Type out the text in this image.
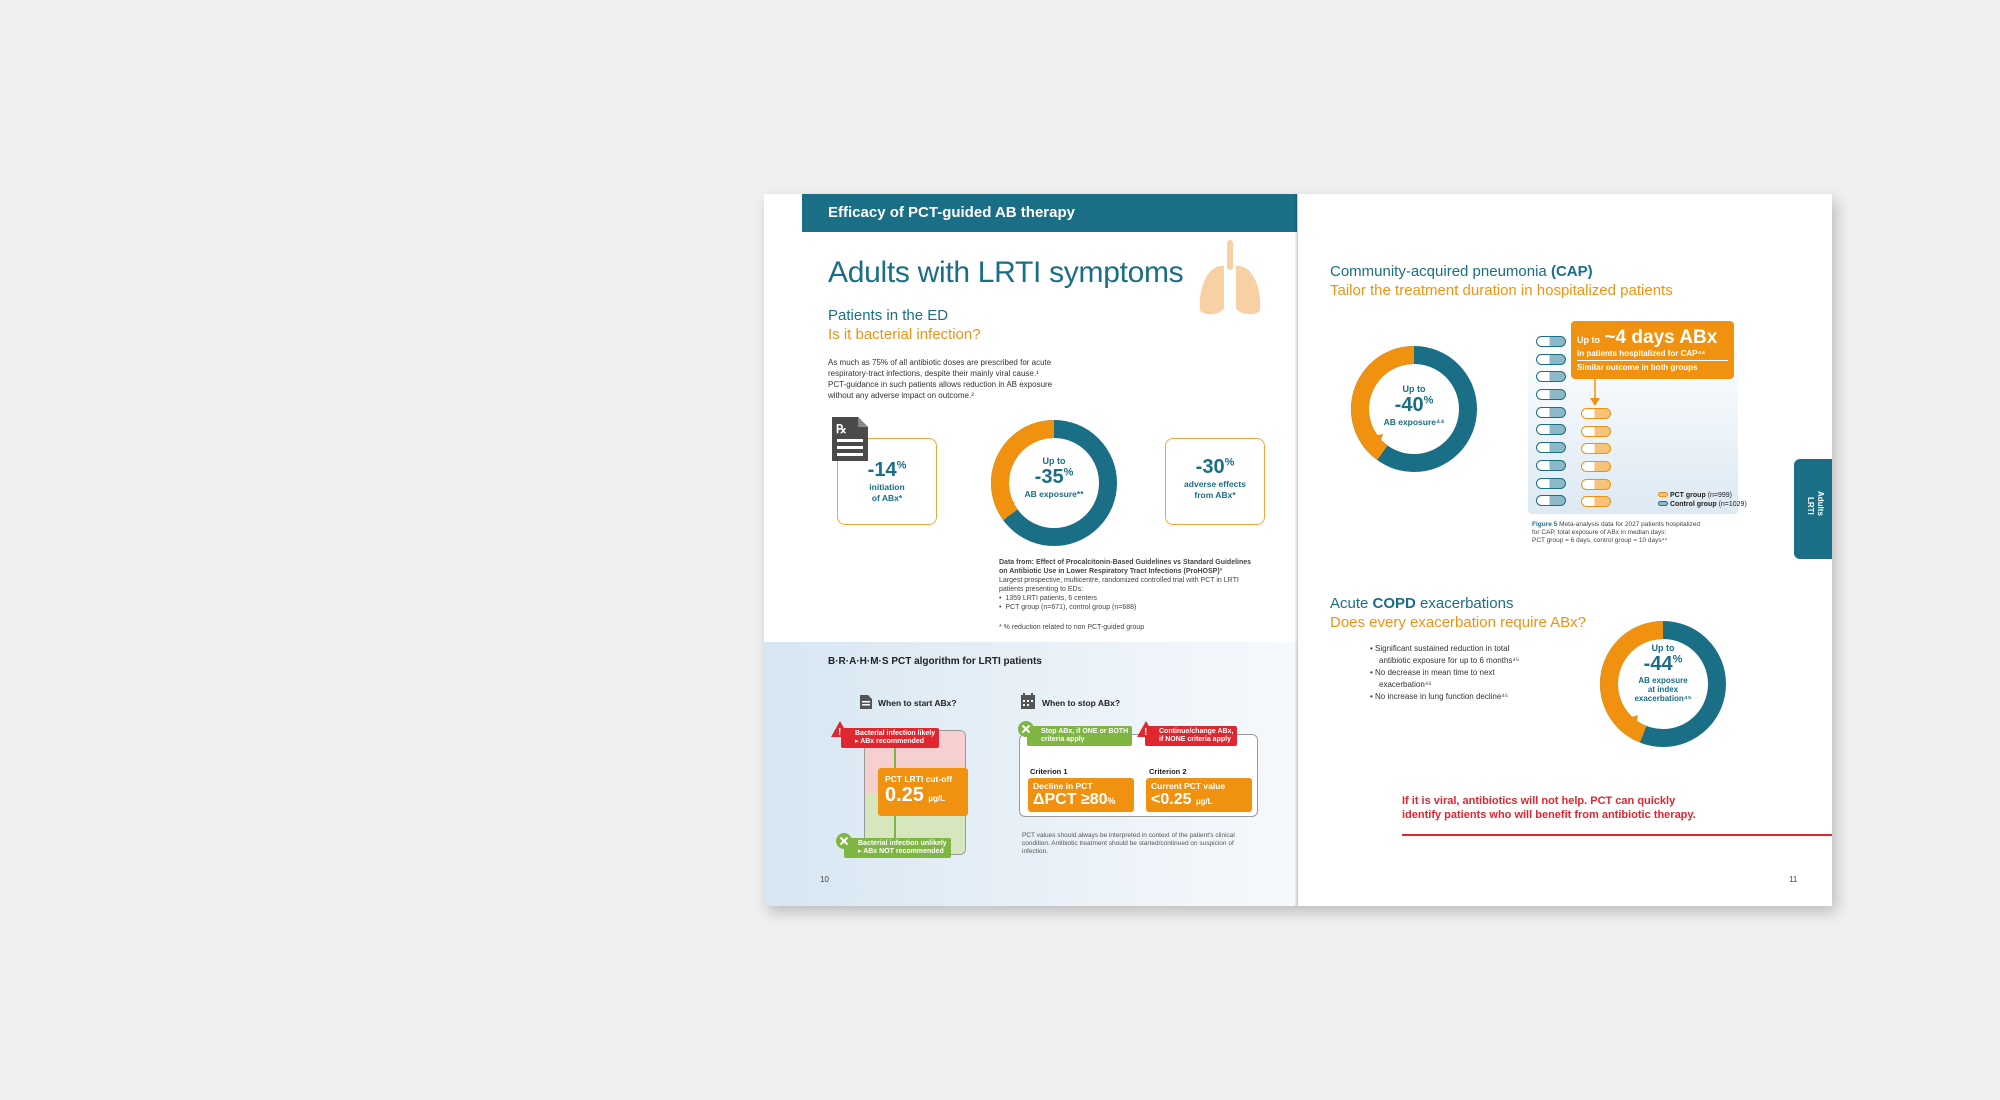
Efficacy of PCT-guided AB therapy
Adults with LRTI symptoms
Patients in the ED
Is it bacterial infection?
As much as 75% of all antibiotic doses are prescribed for acute
respiratory-tract infections, despite their mainly viral cause.¹
PCT-guidance in such patients allows reduction in AB exposure
without any adverse impact on outcome.²
-14%
initiation
of ABx*
℞
Up to
-35%
AB exposure**
-30%
adverse effects
from ABx*
Data from: Effect of Procalcitonin-Based Guidelines vs Standard Guidelines
on Antibiotic Use in Lower Respiratory Tract Infections (ProHOSP)³
Largest prospective, multicentre, randomized controlled trial with PCT in LRTI
patients presenting to EDs:
•  1359 LRTI patients, 6 centers
•  PCT group (n=671), control group (n=688)
* % reduction related to non PCT-guided group
B·R·A·H·M·S PCT algorithm for LRTI patients
When to start ABx?
Bacterial infection likely
▸ ABx recommended
!
PCT LRTI cut-off
0.25 µg/L
Bacterial infection unlikely
▸ ABx NOT recommended
When to stop ABx?
Stop ABx, if ONE or BOTH
criteria apply
Continue/change ABx,
if NONE criteria apply
!
Criterion 1
Decline in PCT
ΔPCT ≥80%
Criterion 2
Current PCT value
<0.25 µg/L
PCT values should always be interpreted in context of the patient's clinical
condition. Antibiotic treatment should be started/continued on suspicion of
infection.
10
Community-acquired pneumonia (CAP)
Tailor the treatment duration in hospitalized patients
Up to
-40%
AB exposure⁴⁴
Up to ~4 days ABx
in patients hospitalized for CAP⁴⁴
Similar outcome in both groups
PCT group (n=999)
Control group (n=1029)
Figure 5 Meta-analysis data for 2027 patients hospitalized
for CAP, total exposure of ABx in median days:
PCT group = 6 days, control group = 10 days⁴⁴
LRTI Adults
Acute COPD exacerbations
Does every exacerbation require ABx?
• Significant sustained reduction in total
antibiotic exposure for up to 6 months⁴⁵
• No decrease in mean time to next
exacerbation⁴⁵
• No increase in lung function decline⁴⁵
Up to
-44%
AB exposure
at index
exacerbation⁴⁵
If it is viral, antibiotics will not help. PCT can quickly
identify patients who will benefit from antibiotic therapy.
11
